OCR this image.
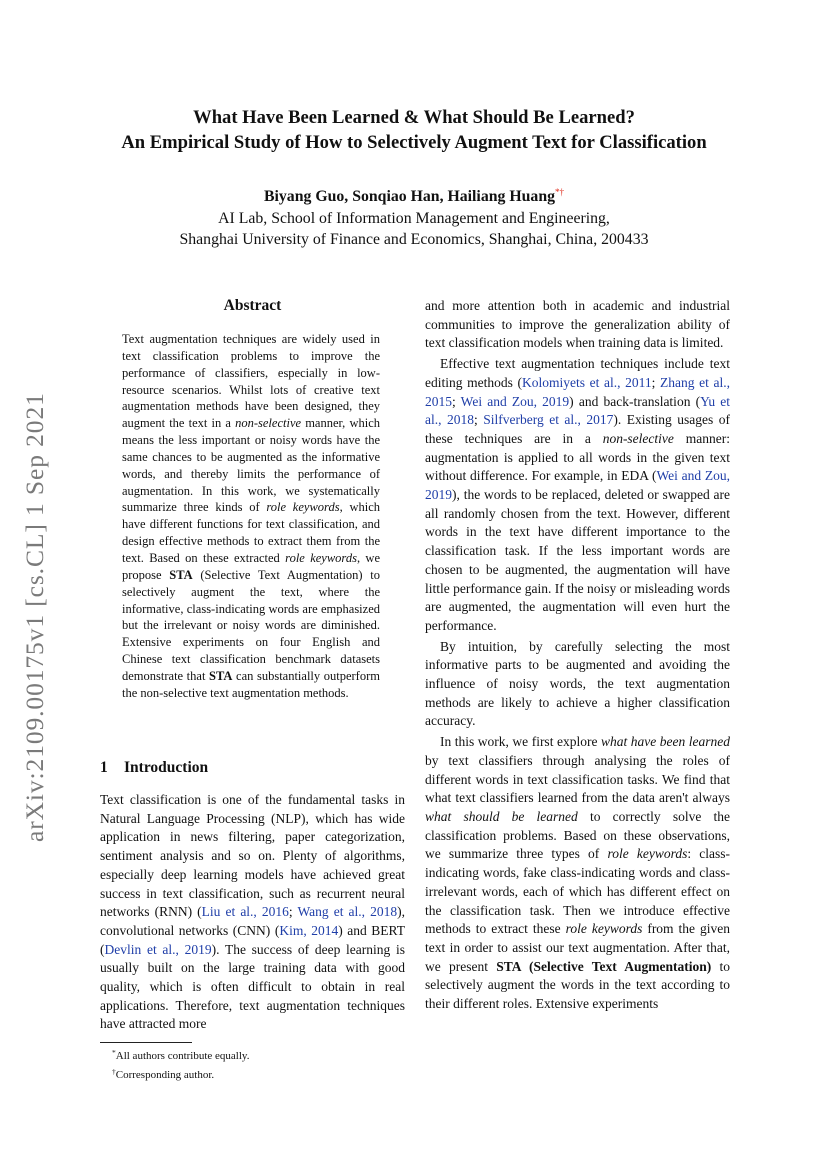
What Have Been Learned & What Should Be Learned?
An Empirical Study of How to Selectively Augment Text for Classification
Biyang Guo, Sonqiao Han, Hailiang Huang*†
AI Lab, School of Information Management and Engineering,
Shanghai University of Finance and Economics, Shanghai, China, 200433
arXiv:2109.00175v1 [cs.CL] 1 Sep 2021
Abstract
Text augmentation techniques are widely used in text classification problems to improve the performance of classifiers, especially in low-resource scenarios. Whilst lots of creative text augmentation methods have been designed, they augment the text in a non-selective manner, which means the less important or noisy words have the same chances to be augmented as the informative words, and thereby limits the performance of augmentation. In this work, we systematically summarize three kinds of role keywords, which have different functions for text classification, and design effective methods to extract them from the text. Based on these extracted role keywords, we propose STA (Selective Text Augmentation) to selectively augment the text, where the informative, class-indicating words are emphasized but the irrelevant or noisy words are diminished. Extensive experiments on four English and Chinese text classification benchmark datasets demonstrate that STA can substantially outperform the non-selective text augmentation methods.
1 Introduction

Text classification is one of the fundamental tasks in Natural Language Processing (NLP), which has wide application in news filtering, paper categorization, sentiment analysis and so on. Plenty of algorithms, especially deep learning models have achieved great success in text classification, such as recurrent neural networks (RNN) (Liu et al., 2016; Wang et al., 2018), convolutional networks (CNN) (Kim, 2014) and BERT (Devlin et al., 2019). The success of deep learning is usually built on the large training data with good quality, which is often difficult to obtain in real applications. Therefore, text augmentation techniques have attracted more

*All authors contribute equally.
†Corresponding author.

and more attention both in academic and industrial communities to improve the generalization ability of text classification models when training data is limited.

Effective text augmentation techniques include text editing methods (Kolomiyets et al., 2011; Zhang et al., 2015; Wei and Zou, 2019) and back-translation (Yu et al., 2018; Silfverberg et al., 2017). Existing usages of these techniques are in a non-selective manner: augmentation is applied to all words in the given text without difference. For example, in EDA (Wei and Zou, 2019), the words to be replaced, deleted or swapped are all randomly chosen from the text. However, different words in the text have different importance to the classification task. If the less important words are chosen to be augmented, the augmentation will have little performance gain. If the noisy or misleading words are augmented, the augmentation will even hurt the performance.

By intuition, by carefully selecting the most informative parts to be augmented and avoiding the influence of noisy words, the text augmentation methods are likely to achieve a higher classification accuracy.

In this work, we first explore what have been learned by text classifiers through analysing the roles of different words in text classification tasks. We find that what text classifiers learned from the data aren't always what should be learned to correctly solve the classification problems. Based on these observations, we summarize three types of role keywords: class-indicating words, fake class-indicating words and class-irrelevant words, each of which has different effect on the classification task. Then we introduce effective methods to extract these role keywords from the given text in order to assist our text augmentation. After that, we present STA (Selective Text Augmentation) to selectively augment the words in the text according to their different roles. Extensive experiments
